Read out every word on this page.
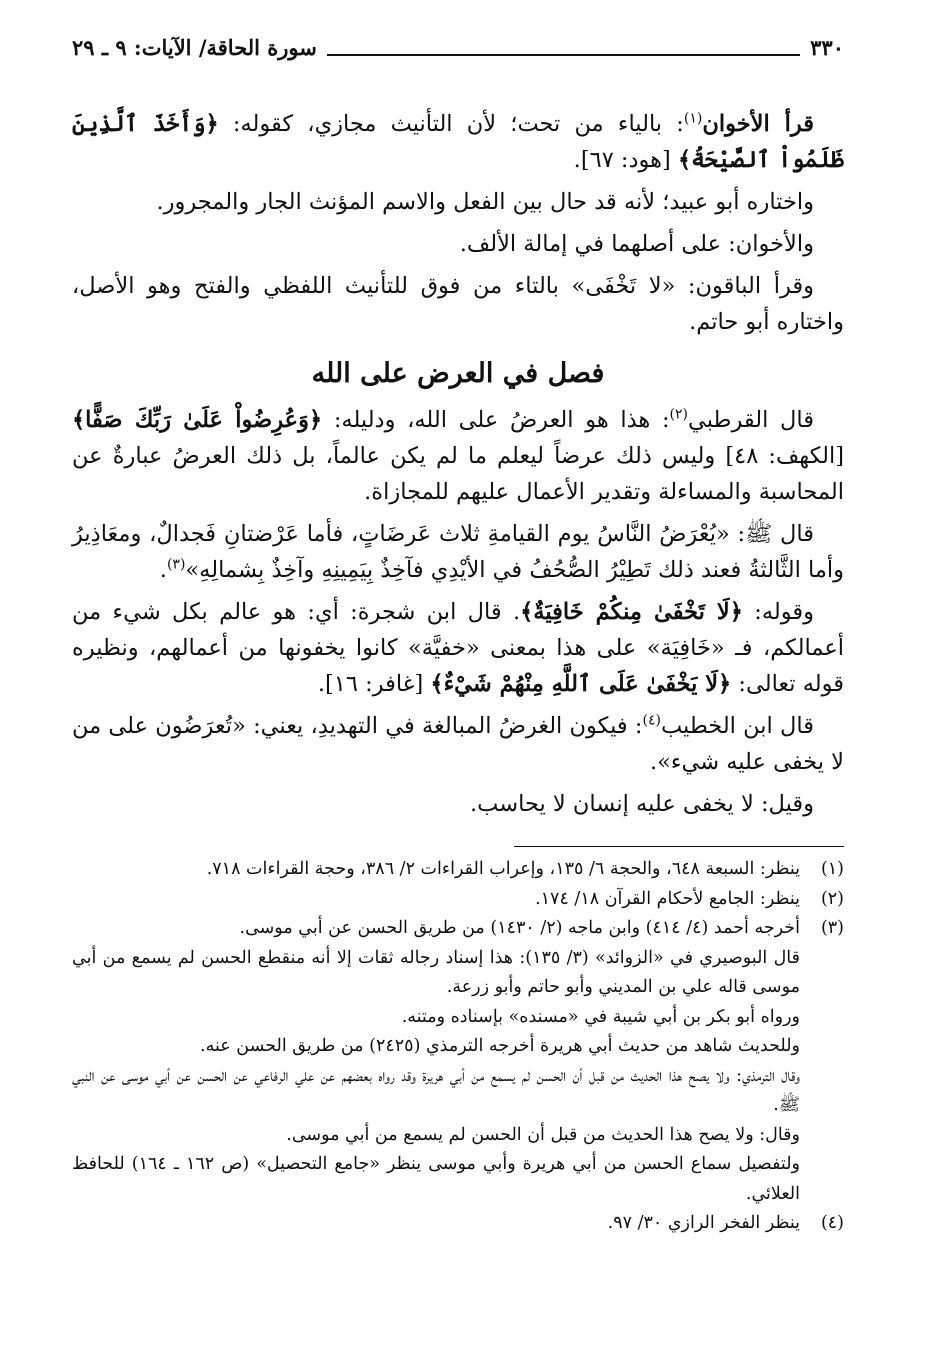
٣٣٠
سورة الحاقة/ الآيات: ٩ ـ ٢٩

قرأ الأخوان$^{(١)}$: بالياء من تحت؛ لأن التأنيث مجازي، كقوله: ﴿وَأَخَذَ ٱلَّذِينَ ظَلَمُواْ ٱلصَّيْحَةُ﴾ [هود: ٦٧].

واختاره أبو عبيد؛ لأنه قد حال بين الفعل والاسم المؤنث الجار والمجرور.

والأخوان: على أصلهما في إمالة الألف.

وقرأ الباقون: «لا تَخْفَى» بالتاء من فوق للتأنيث اللفظي والفتح وهو الأصل، واختاره أبو حاتم.

فصل في العرض على الله

قال القرطبي$^{(٢)}$: هذا هو العرضُ على الله، ودليله: ﴿وَعُرِضُواْ عَلَىٰ رَبِّكَ صَفًّا﴾ [الكهف: ٤٨] وليس ذلك عرضاً ليعلم ما لم يكن عالماً، بل ذلك العرضُ عبارةٌ عن المحاسبة والمساءلة وتقدير الأعمال عليهم للمجازاة.

قال ﷺ: «يُعْرَضُ النَّاسُ يوم القيامةِ ثلاث عَرضَاتٍ، فأما عَرْضتانِ فَجدالٌ، ومعَاذِيرُ وأما الثَّالثةُ فعند ذلك تَطِيْرُ الصُّحُفُ في الأيْدِي فآخِذٌ بِيَمِينِهِ وآخِذٌ بِشمالِهِ»$^{(٣)}$.

وقوله: ﴿لَا تَخْفَىٰ مِنكُمْ خَافِيَةٌ﴾. قال ابن شجرة: أي: هو عالم بكل شيء من أعمالكم، فـ «خَافِيَة» على هذا بمعنى «خفيَّة» كانوا يخفونها من أعمالهم، ونظيره قوله تعالى: ﴿لَا يَخْفَىٰ عَلَى ٱللَّهِ مِنْهُمْ شَيْءٌ﴾ [غافر: ١٦].

قال ابن الخطيب$^{(٤)}$: فيكون الغرضُ المبالغة في التهديدِ، يعني: «تُعرَضُون على من لا يخفى عليه شيء».

وقيل: لا يخفى عليه إنسان لا يحاسب.

(١)
ينظر: السبعة ٦٤٨، والحجة ٦/ ١٣٥، وإعراب القراءات ٢/ ٣٨٦، وحجة القراءات ٧١٨.
(٢)
ينظر: الجامع لأحكام القرآن ١٨/ ١٧٤.
(٣)
أخرجه أحمد (٤/ ٤١٤) وابن ماجه (٢/ ١٤٣٠) من طريق الحسن عن أبي موسى.
قال البوصيري في «الزوائد» (٣/ ١٣٥): هذا إسناد رجاله ثقات إلا أنه منقطع الحسن لم يسمع من أبي موسى قاله علي بن المديني وأبو حاتم وأبو زرعة.
ورواه أبو بكر بن أبي شيبة في «مسنده» بإسناده ومتنه.
وللحديث شاهد من حديث أبي هريرة أخرجه الترمذي (٢٤٢٥) من طريق الحسن عنه.
وقال الترمذي: ولا يصح هذا الحديث من قبل أن الحسن لم يسمع من أبي هريرة وقد رواه بعضهم عن علي الرفاعي عن الحسن عن أبي موسى عن النبي ﷺ.
وقال: ولا يصح هذا الحديث من قبل أن الحسن لم يسمع من أبي موسى.
ولتفصيل سماع الحسن من أبي هريرة وأبي موسى ينظر «جامع التحصيل» (ص ١٦٢ ـ ١٦٤) للحافظ العلائي.
(٤)
ينظر الفخر الرازي ٣٠/ ٩٧.
